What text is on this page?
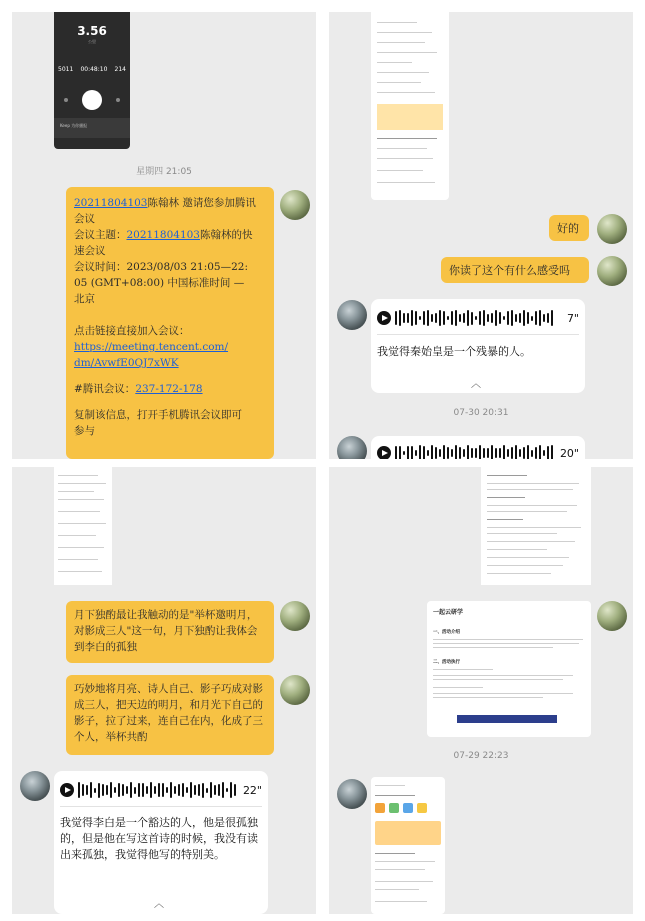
3.56
公里
5011 00:48:10 214
Keep 为你播报
星期四 21:05
20211804103陈翰林 邀请您参加腾讯
会议
会议主题：20211804103陈翰林的快
速会议
会议时间：2023/08/03 21:05—22:
05 (GMT+08:00) 中国标准时间 —
北京
点击链接直接加入会议：
https://meeting.tencent.com/
dm/AvwfE0QJ7xWK
#腾讯会议：237-172-178
复制该信息，打开手机腾讯会议即可
参与
好的
你读了这个有什么感受吗
7"
我觉得秦始皇是一个残暴的人。
︿
07-30 20:31
20"
月下独酌最让我触动的是"举杯邀明月，对影成三人"这一句，月下独酌让我体会到李白的孤独
巧妙地将月亮、诗人自己、影子巧成对影成三人，把天边的明月，和月光下自己的影子，拉了过来，连自己在内，化成了三个人，举杯共酌
22"
我觉得李白是一个豁达的人，他是很孤独的，但是他在写这首诗的时候，我没有读出来孤独，我觉得他写的特别美。
︿
一起云研学
一、活动介绍
二、活动执行
07-29 22:23
